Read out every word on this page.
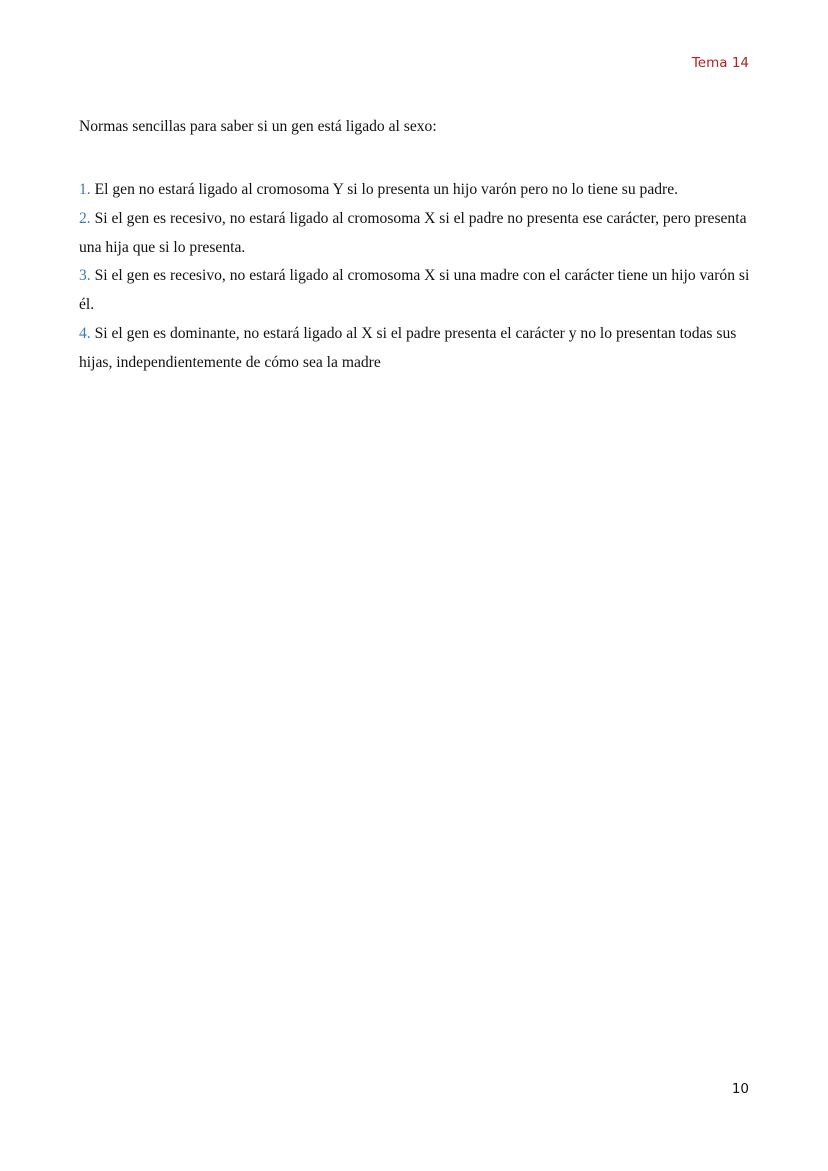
Tema 14
Normas sencillas para saber si un gen está ligado al sexo:
1. El gen no estará ligado al cromosoma Y si lo presenta un hijo varón pero no lo tiene su padre.
2. Si el gen es recesivo, no estará ligado al cromosoma X si el padre no presenta ese carácter, pero presenta una hija que si lo presenta.
3. Si el gen es recesivo, no estará ligado al cromosoma X si una madre con el carácter tiene un hijo varón si él.
4. Si el gen es dominante, no estará ligado al X si el padre presenta el carácter y no lo presentan todas sus hijas, independientemente de cómo sea la madre
10
